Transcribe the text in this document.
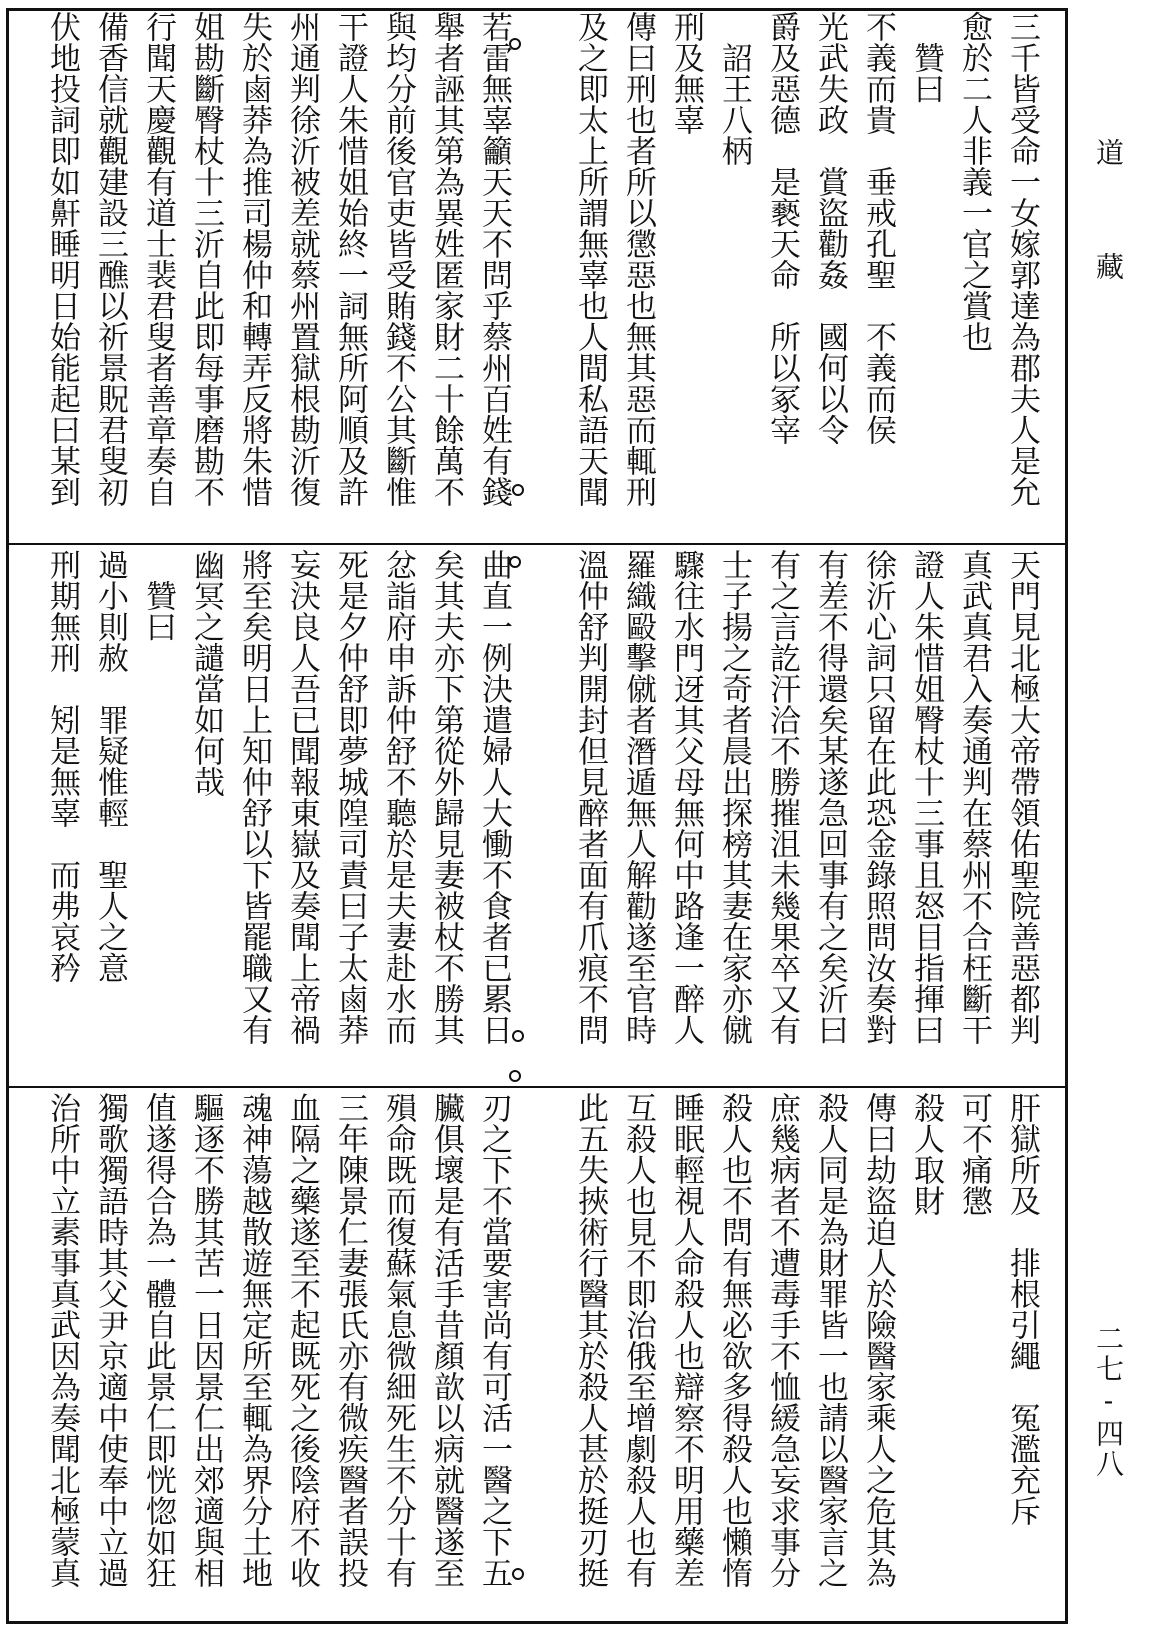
道
藏
二七-四八
三千皆受命一女嫁郭達為郡夫人是允
愈於二人非義一官之賞也
　贊曰
不義而貴　垂戒孔聖　不義而侯
光武失政　賞盜勸姦　國何以令
爵及惡德　是褻天命　所以冢宰
　詔王八柄
刑及無辜
傳曰刑也者所以懲惡也無其惡而輒刑
及之即太上所謂無辜也人間私語天聞
若雷無辜籲天天不問乎蔡州百姓有錢
舉者誣其第為異姓匿家財二十餘萬不
與均分前後官吏皆受賄錢不公其斷惟
干證人朱惜姐始終一詞無所阿順及許
州通判徐沂被差就蔡州置獄根勘沂復
失於鹵莽為推司楊仲和轉弄反將朱惜
姐勘斷臀杖十三沂自此即每事磨勘不
行聞天慶觀有道士裴君叟者善章奏自
備香信就觀建設三醮以祈景貺君叟初
伏地投詞即如鼾睡明日始能起曰某到
天門見北極大帝帶領佑聖院善惡都判
真武真君入奏通判在蔡州不合枉斷干
證人朱惜姐臀杖十三事且怒目指揮曰
徐沂心詞只留在此恐金錄照問汝奏對
有差不得還矣某遂急回事有之矣沂曰
有之言訖汗洽不勝摧沮未幾果卒又有
士子揚之奇者晨出探榜其妻在家亦僦
驟往水門迓其父母無何中路逢一醉人
羅織毆擊僦者潛遁無人解勸遂至官時
溫仲舒判開封但見醉者面有爪痕不問
曲直一例決遣婦人大慟不食者已累日
矣其夫亦下第從外歸見妻被杖不勝其
忿詣府申訴仲舒不聽於是夫妻赴水而
死是夕仲舒即夢城隍司責曰子太鹵莽
妄決良人吾已聞報東嶽及奏聞上帝禍
將至矣明日上知仲舒以下皆罷職又有
幽冥之譴當如何哉
　贊曰
過小則赦　罪疑惟輕　聖人之意
刑期無刑　矧是無辜　而弗哀矜
肝獄所及　排根引繩　冤濫充斥
可不痛懲
殺人取財
傳曰劫盜迫人於險醫家乘人之危其為
殺人同是為財罪皆一也請以醫家言之
庶幾病者不遭毒手不恤緩急妄求事分
殺人也不問有無必欲多得殺人也懶惰
睡眠輕視人命殺人也辯察不明用藥差
互殺人也見不即治俄至增劇殺人也有
此五失挾術行醫其於殺人甚於挺刃挺
刃之下不當要害尚有可活一醫之下五
臟俱壞是有活手昔顏歆以病就醫遂至
殞命既而復蘇氣息微細死生不分十有
三年陳景仁妻張氏亦有微疾醫者誤投
血隔之藥遂至不起既死之後陰府不收
魂神蕩越散遊無定所至輒為界分土地
驅逐不勝其苦一日因景仁出郊適與相
值遂得合為一體自此景仁即恍惚如狂
獨歌獨語時其父尹京適中使奉中立過
治所中立素事真武因為奏聞北極蒙真
